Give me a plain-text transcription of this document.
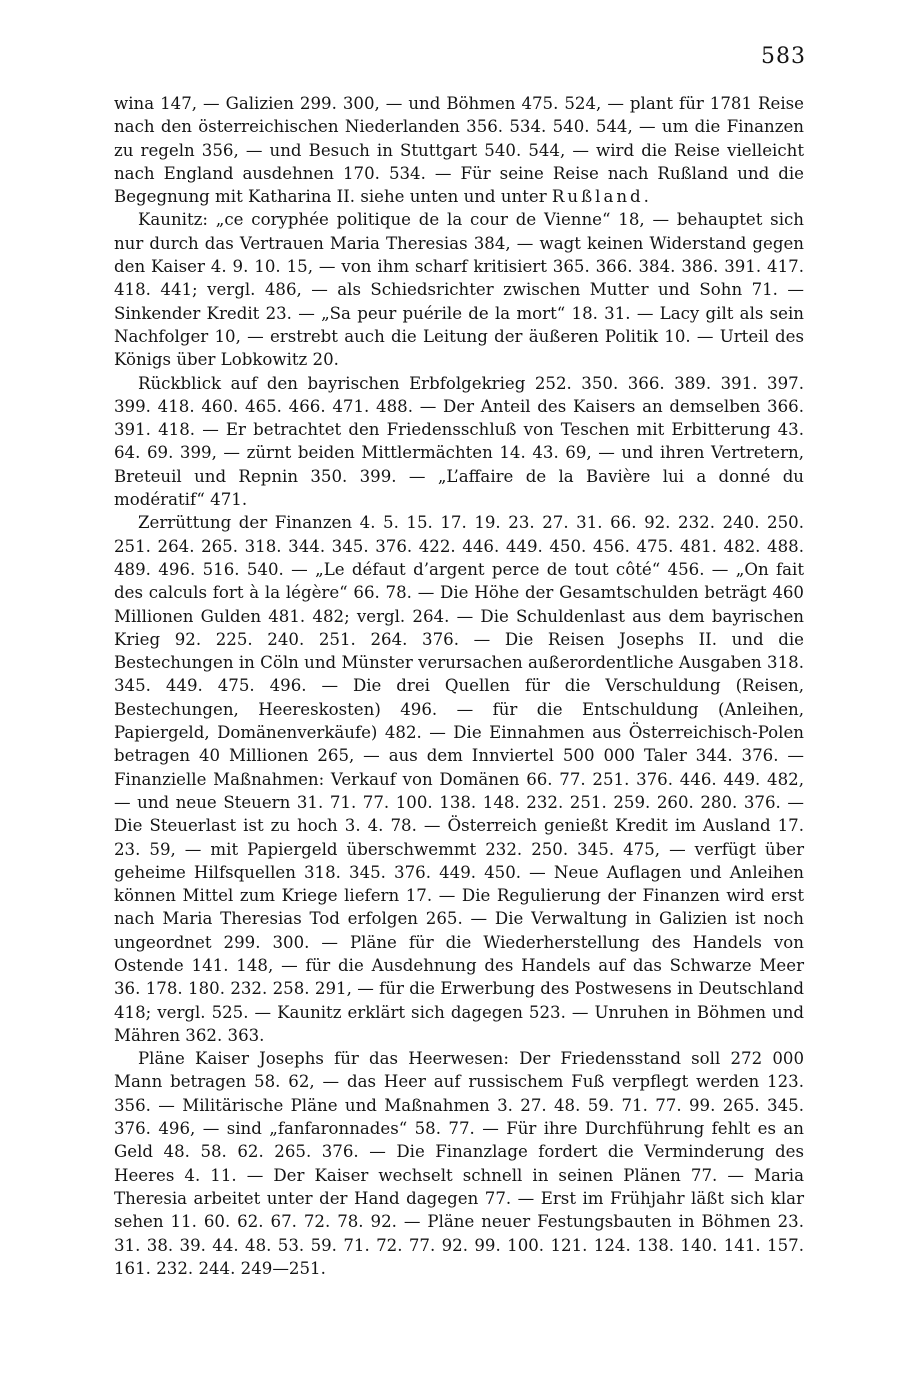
583

wina 147, — Galizien 299. 300, — und Böhmen 475. 524, — plant für 1781 Reise nach den österreichischen Niederlanden 356. 534. 540. 544, — um die Finanzen zu regeln 356, — und Besuch in Stuttgart 540. 544, — wird die Reise vielleicht nach England ausdehnen 170. 534. — Für seine Reise nach Rußland und die Begegnung mit Katharina II. siehe unten und unter Rußland.

Kaunitz: „ce coryphée politique de la cour de Vienne“ 18, — behauptet sich nur durch das Vertrauen Maria Theresias 384, — wagt keinen Widerstand gegen den Kaiser 4. 9. 10. 15, — von ihm scharf kritisiert 365. 366. 384. 386. 391. 417. 418. 441; vergl. 486, — als Schiedsrichter zwischen Mutter und Sohn 71. — Sinkender Kredit 23. — „Sa peur puérile de la mort“ 18. 31. — Lacy gilt als sein Nachfolger 10, — erstrebt auch die Leitung der äußeren Politik 10. — Urteil des Königs über Lobkowitz 20.

Rückblick auf den bayrischen Erbfolgekrieg 252. 350. 366. 389. 391. 397. 399. 418. 460. 465. 466. 471. 488. — Der Anteil des Kaisers an demselben 366. 391. 418. — Er betrachtet den Friedensschluß von Teschen mit Erbitterung 43. 64. 69. 399, — zürnt beiden Mittlermächten 14. 43. 69, — und ihren Vertretern, Breteuil und Repnin 350. 399. — „L’affaire de la Bavière lui a donné du modératif“ 471.

Zerrüttung der Finanzen 4. 5. 15. 17. 19. 23. 27. 31. 66. 92. 232. 240. 250. 251. 264. 265. 318. 344. 345. 376. 422. 446. 449. 450. 456. 475. 481. 482. 488. 489. 496. 516. 540. — „Le défaut d’argent perce de tout côté“ 456. — „On fait des calculs fort à la légère“ 66. 78. — Die Höhe der Gesamtschulden beträgt 460 Millionen Gulden 481. 482; vergl. 264. — Die Schuldenlast aus dem bayrischen Krieg 92. 225. 240. 251. 264. 376. — Die Reisen Josephs II. und die Bestechungen in Cöln und Münster verursachen außerordentliche Ausgaben 318. 345. 449. 475. 496. — Die drei Quellen für die Verschuldung (Reisen, Bestechungen, Heereskosten) 496. — für die Entschuldung (Anleihen, Papiergeld, Domänenverkäufe) 482. — Die Einnahmen aus Österreichisch-Polen betragen 40 Millionen 265, — aus dem Innviertel 500 000 Taler 344. 376. — Finanzielle Maßnahmen: Verkauf von Domänen 66. 77. 251. 376. 446. 449. 482, — und neue Steuern 31. 71. 77. 100. 138. 148. 232. 251. 259. 260. 280. 376. — Die Steuerlast ist zu hoch 3. 4. 78. — Österreich genießt Kredit im Ausland 17. 23. 59, — mit Papiergeld überschwemmt 232. 250. 345. 475, — verfügt über geheime Hilfsquellen 318. 345. 376. 449. 450. — Neue Auflagen und Anleihen können Mittel zum Kriege liefern 17. — Die Regulierung der Finanzen wird erst nach Maria Theresias Tod erfolgen 265. — Die Verwaltung in Galizien ist noch ungeordnet 299. 300. — Pläne für die Wiederherstellung des Handels von Ostende 141. 148, — für die Ausdehnung des Handels auf das Schwarze Meer 36. 178. 180. 232. 258. 291, — für die Erwerbung des Postwesens in Deutschland 418; vergl. 525. — Kaunitz erklärt sich dagegen 523. — Unruhen in Böhmen und Mähren 362. 363.

Pläne Kaiser Josephs für das Heerwesen: Der Friedensstand soll 272 000 Mann betragen 58. 62, — das Heer auf russischem Fuß verpflegt werden 123. 356. — Militärische Pläne und Maßnahmen 3. 27. 48. 59. 71. 77. 99. 265. 345. 376. 496, — sind „fanfaronnades“ 58. 77. — Für ihre Durchführung fehlt es an Geld 48. 58. 62. 265. 376. — Die Finanzlage fordert die Verminderung des Heeres 4. 11. — Der Kaiser wechselt schnell in seinen Plänen 77. — Maria Theresia arbeitet unter der Hand dagegen 77. — Erst im Frühjahr läßt sich klar sehen 11. 60. 62. 67. 72. 78. 92. — Pläne neuer Festungsbauten in Böhmen 23. 31. 38. 39. 44. 48. 53. 59. 71. 72. 77. 92. 99. 100. 121. 124. 138. 140. 141. 157. 161. 232. 244. 249—251.
